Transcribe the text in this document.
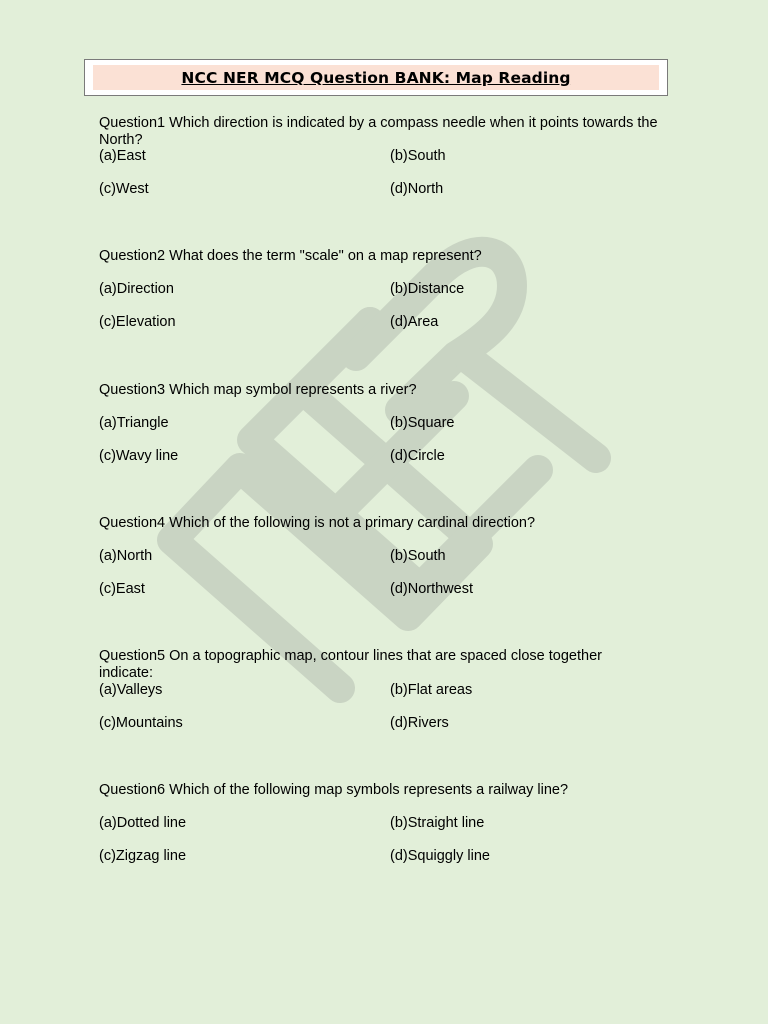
NCC NER MCQ Question BANK: Map Reading
Question1 Which direction is indicated by a compass needle when it points towards the North?
(a)East	(b)South
(c)West	(d)North
Question2 What does the term "scale" on a map represent?
(a)Direction	(b)Distance
(c)Elevation	(d)Area
Question3 Which map symbol represents a river?
(a)Triangle	(b)Square
(c)Wavy line	(d)Circle
Question4 Which of the following is not a primary cardinal direction?
(a)North	(b)South
(c)East	(d)Northwest
Question5 On a topographic map, contour lines that are spaced close together indicate:
(a)Valleys	(b)Flat areas
(c)Mountains	(d)Rivers
Question6 Which of the following map symbols represents a railway line?
(a)Dotted line	(b)Straight line
(c)Zigzag line	(d)Squiggly line
